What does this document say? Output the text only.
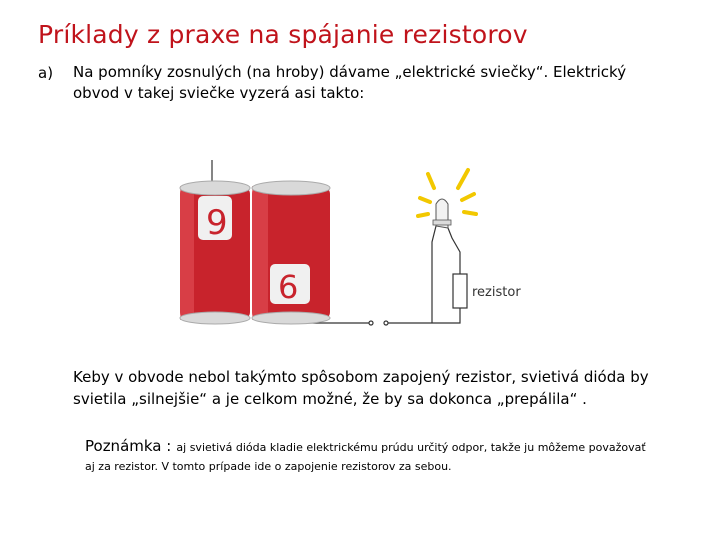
Príklady z praxe na spájanie rezistorov
a) Na pomníky zosnulých (na hroby) dávame „elektrické sviečky“. Elektrický obvod v takej sviečke vyzerá asi takto:
rezistor
9
6
Keby v obvode nebol takýmto spôsobom zapojený rezistor, svietivá dióda by svietila „silnejšie“ a je celkom možné, že by sa dokonca „prepálila“ .
Poznámka : aj svietivá dióda kladie elektrickému prúdu určitý odpor, takže ju môžeme považovať
aj za rezistor. V tomto prípade ide o zapojenie rezistorov za sebou.
